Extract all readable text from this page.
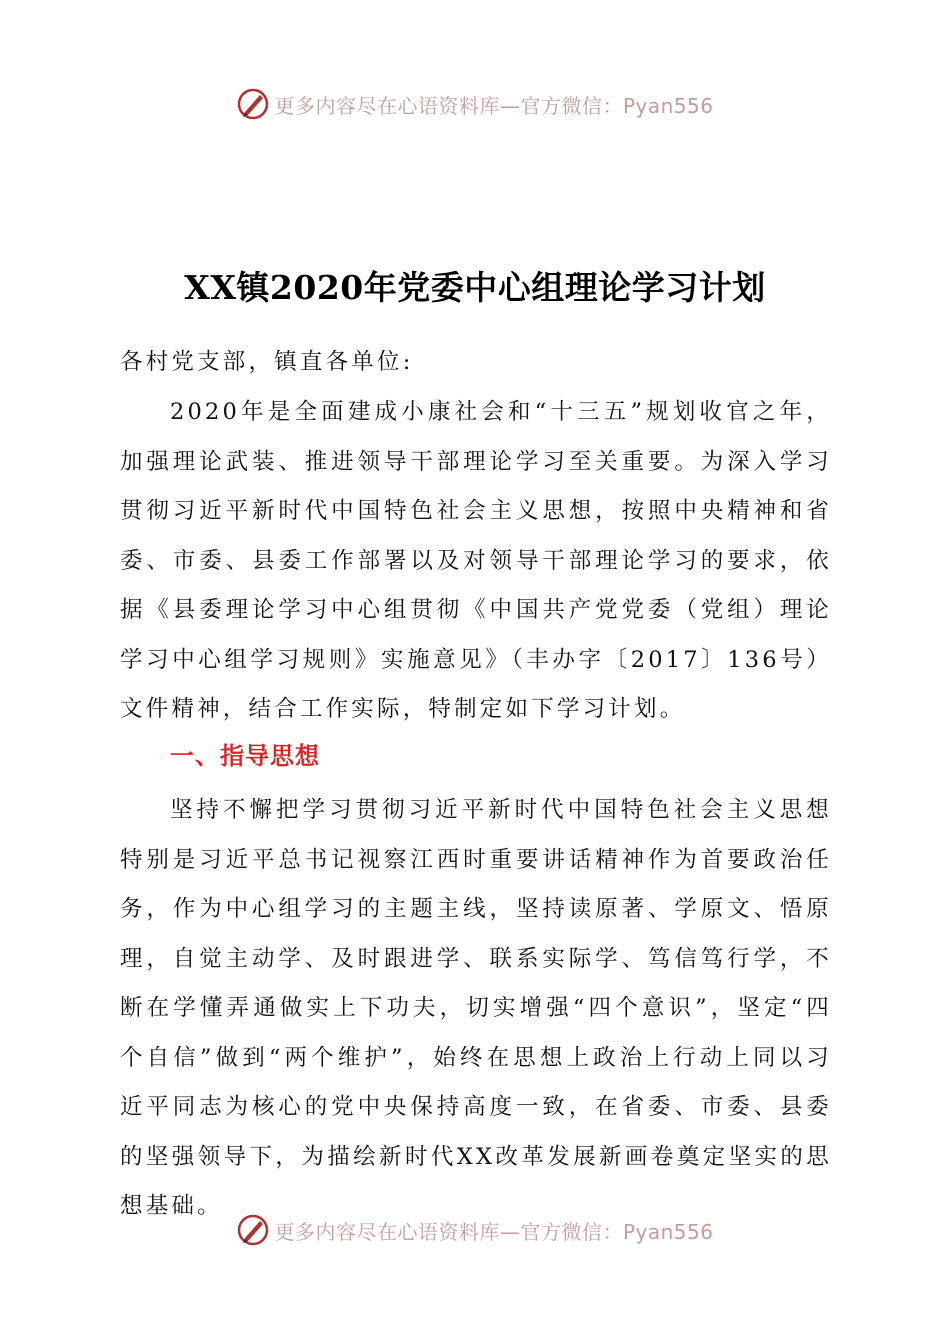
更多内容尽在心语资料库—官方微信：Pyan556
XX镇2020年党委中心组理论学习计划

各村党支部，镇直各单位:

2020年是全面建成小康社会和“十三五”规划收官之年，加强理论武装、推进领导干部理论学习至关重要。为深入学习贯彻习近平新时代中国特色社会主义思想，按照中央精神和省委、市委、县委工作部署以及对领导干部理论学习的要求，依据《县委理论学习中心组贯彻《中国共产党党委（党组）理论学习中心组学习规则》实施意见》（丰办字〔2017〕136号）文件精神，结合工作实际，特制定如下学习计划。

一、指导思想

坚持不懈把学习贯彻习近平新时代中国特色社会主义思想特别是习近平总书记视察江西时重要讲话精神作为首要政治任务，作为中心组学习的主题主线，坚持读原著、学原文、悟原理，自觉主动学、及时跟进学、联系实际学、笃信笃行学，不断在学懂弄通做实上下功夫，切实增强“四个意识”，坚定“四个自信”做到“两个维护”，始终在思想上政治上行动上同以习近平同志为核心的党中央保持高度一致，在省委、市委、县委的坚强领导下，为描绘新时代XX改革发展新画卷奠定坚实的思想基础。

更多内容尽在心语资料库—官方微信：Pyan556
